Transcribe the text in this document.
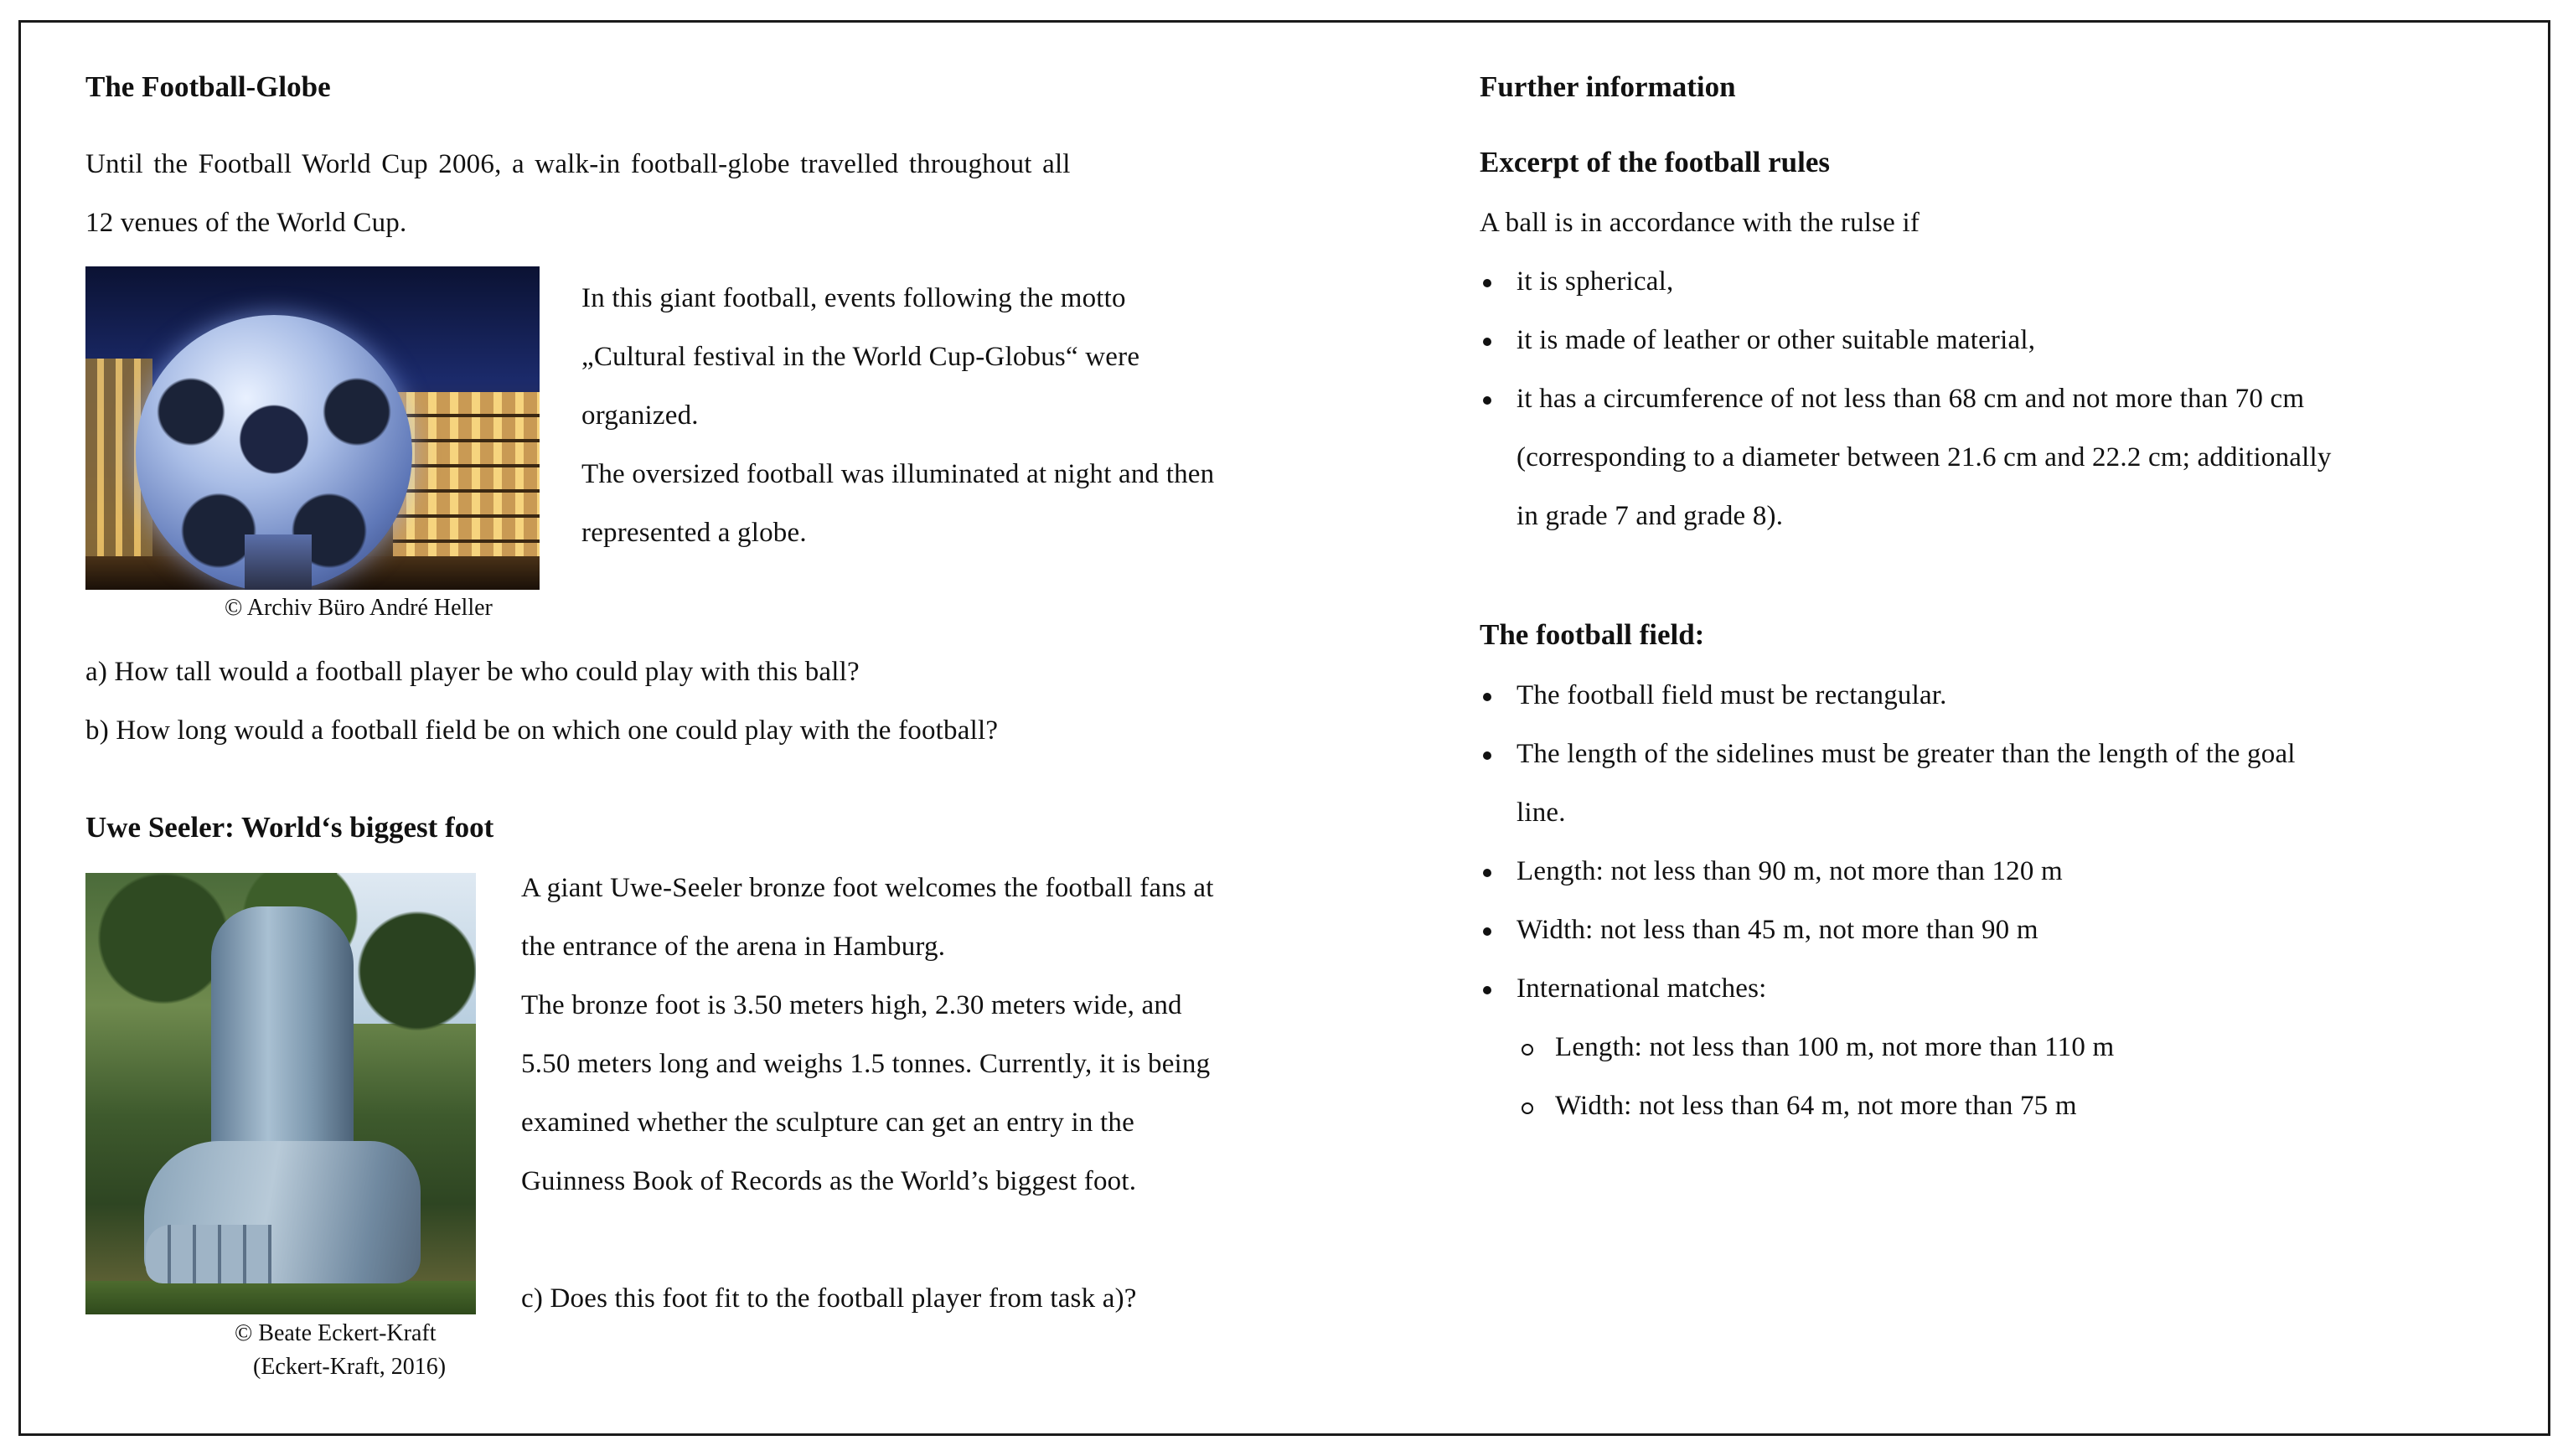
The Football-Globe
Until the Football World Cup 2006, a walk-in football-globe travelled throughout all
12 venues of the World Cup.
© Archiv Büro André Heller
In this giant football, events following the motto
„Cultural festival in the World Cup-Globus“ were
organized.
The oversized football was illuminated at night and then
represented a globe.
a) How tall would a football player be who could play with this ball?
b) How long would a football field be on which one could play with the football?
Uwe Seeler: World‘s biggest foot
© Beate Eckert-Kraft
(Eckert-Kraft, 2016)
A giant Uwe-Seeler bronze foot welcomes the football fans at
the entrance of the arena in Hamburg.
The bronze foot is 3.50 meters high, 2.30 meters wide, and
5.50 meters long and weighs 1.5 tonnes. Currently, it is being
examined whether the sculpture can get an entry in the
Guinness Book of Records as the World’s biggest foot.
c) Does this foot fit to the football player from task a)?
Further information
Excerpt of the football rules
A ball is in accordance with the rulse if
it is spherical,
it is made of leather or other suitable material,
it has a circumference of not less than 68 cm and not more than 70 cm
(corresponding to a diameter between 21.6 cm and 22.2 cm; additionally
in grade 7 and grade 8).
The football field:
The football field must be rectangular.
The length of the sidelines must be greater than the length of the goal
line.
Length: not less than 90 m, not more than 120 m
Width: not less than 45 m, not more than 90 m
International matches:
Length: not less than 100 m, not more than 110 m
Width: not less than 64 m, not more than 75 m
